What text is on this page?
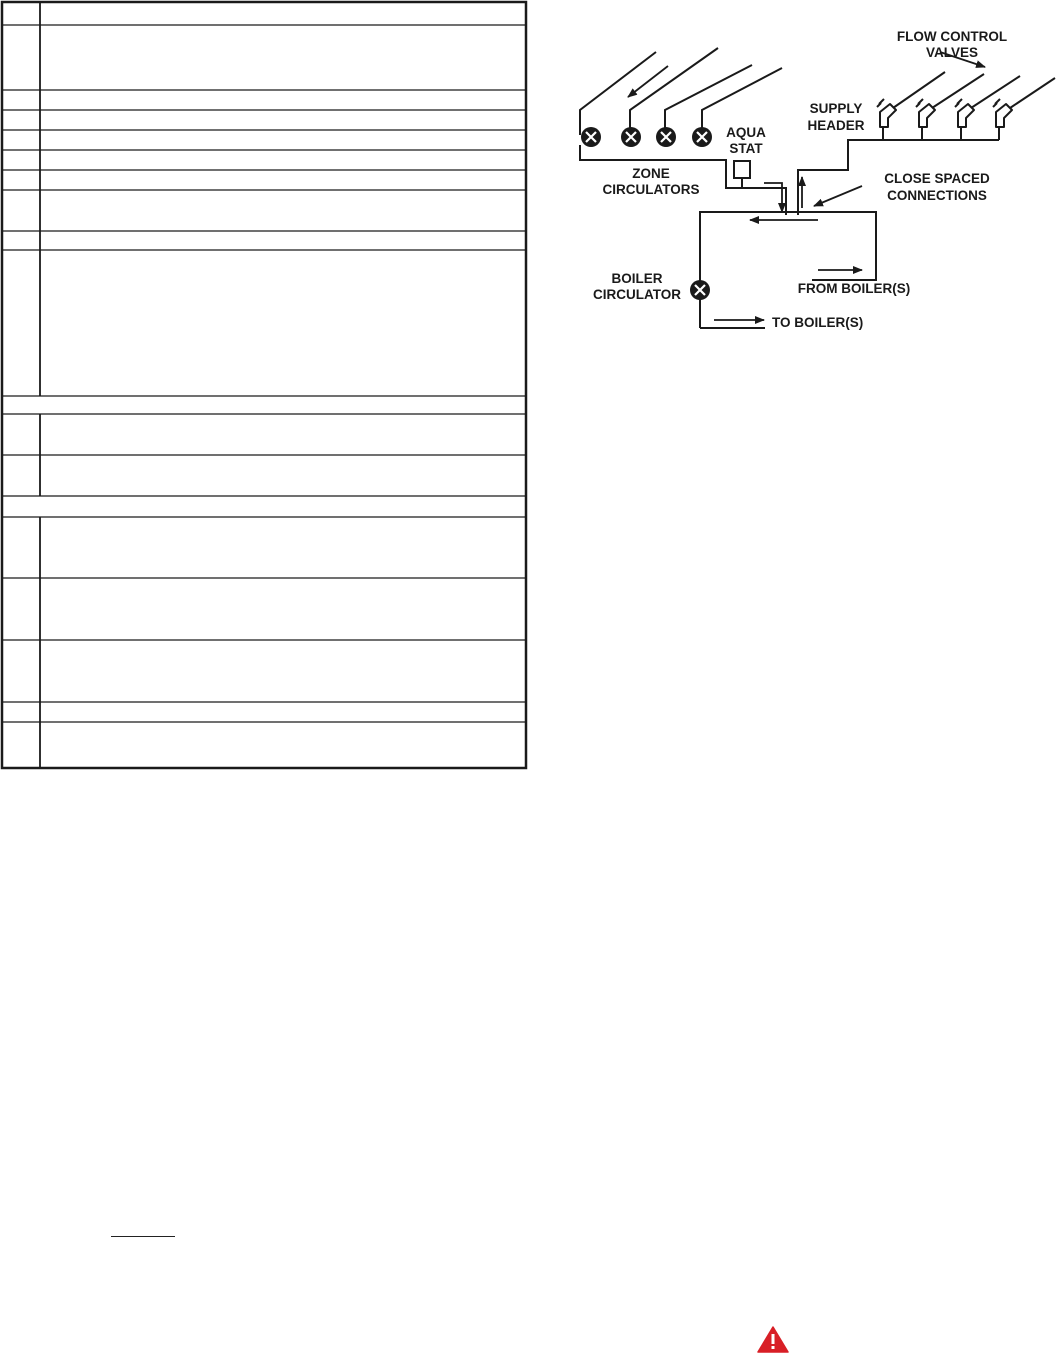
FLOW CONTROL
VALVES
SUPPLY
HEADER
AQUA
STAT
ZONE
CIRCULATORS
CLOSE SPACED
CONNECTIONS
BOILER
CIRCULATOR	FROM BOILER(S)
TO BOILER(S)
